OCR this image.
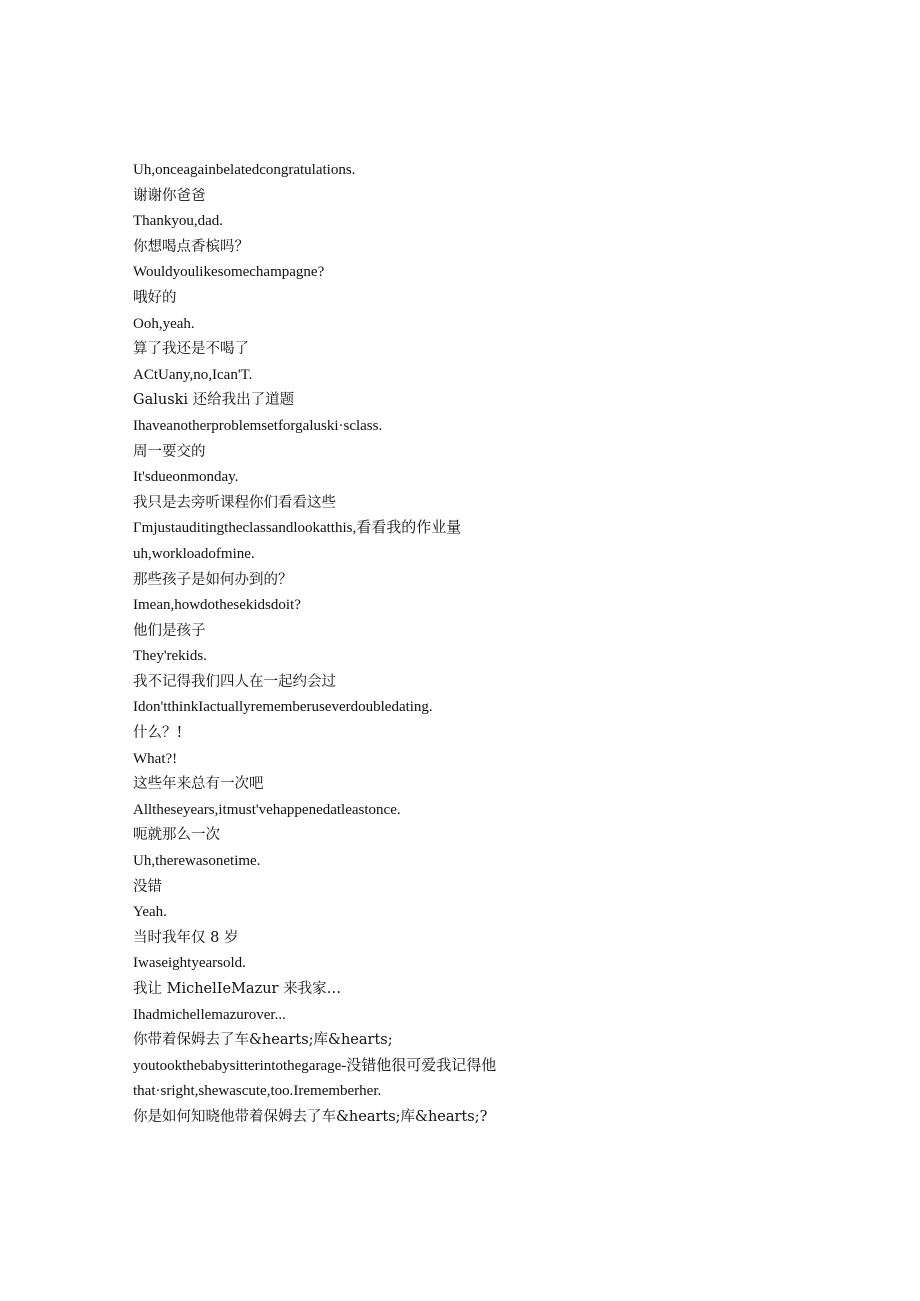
Uh,onceagainbelatedcongratulations.
谢谢你爸爸
Thankyou,dad.
你想喝点香槟吗？
Wouldyoulikesomechampagne?
哦好的
Ooh,yeah.
算了我还是不喝了
ACtUany,no,Ican'T.
Galuski 还给我出了道题
Ihaveanotherproblemsetforgaluski·sclass.
周一要交的
It'sdueonmonday.
我只是去旁听课程你们看看这些
Γmjustauditingtheclassandlookatthis,看看我的作业量
uh,workloadofmine.
那些孩子是如何办到的？
Imean,howdothesekidsdoit?
他们是孩子
They'rekids.
我不记得我们四人在一起约会过
Idon'tthinkIactuallyrememberuseverdoubledating.
什么？!
What?!
这些年来总有一次吧
Alltheseyears,itmust'vehappenedatleastonce.
呃就那么一次
Uh,therewasonetime.
没错
Yeah.
当时我年仅 8 岁
Iwaseightyearsold.
我让 MichelIeMazur 来我家…
Ihadmichellemazurover...
你带着保姆去了车&hearts;库&hearts;
youtookthebabysitterintothegarage-没错他很可爱我记得他
that·sright,shewascute,too.Irememberher.
你是如何知晓他带着保姆去了车&hearts;库&hearts;?
